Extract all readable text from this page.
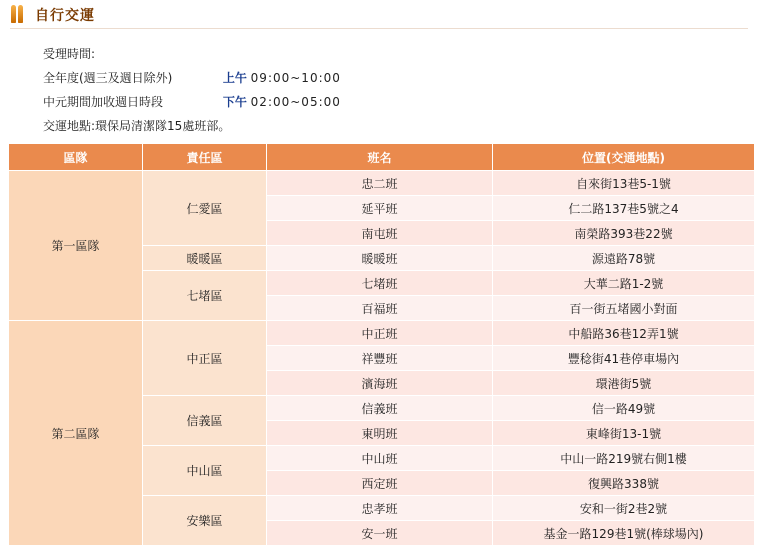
自行交運
受理時間:
全年度(週三及週日除外)	上午 09:00~10:00
中元期間加收週日時段	下午 02:00~05:00
交運地點:環保局清潔隊15處班部。
區隊	責任區	班名	位置(交通地點)
第一區隊	仁愛區	忠二班	自來街13巷5-1號
		延平班	仁二路137巷5號之4
		南屯班	南榮路393巷22號
	暖暖區	暖暖班	源遠路78號
	七堵區	七堵班	大華二路1-2號
		百福班	百一街五堵國小對面
第二區隊	中正區	中正班	中船路36巷12弄1號
		祥豐班	豐稔街41巷停車場內
		濱海班	環港街5號
	信義區	信義班	信一路49號
		東明班	東峰街13-1號
	中山區	中山班	中山一路219號右側1樓
		西定班	復興路338號
	安樂區	忠孝班	安和一街2巷2號
		安一班	基金一路129巷1號(棒球場內)
